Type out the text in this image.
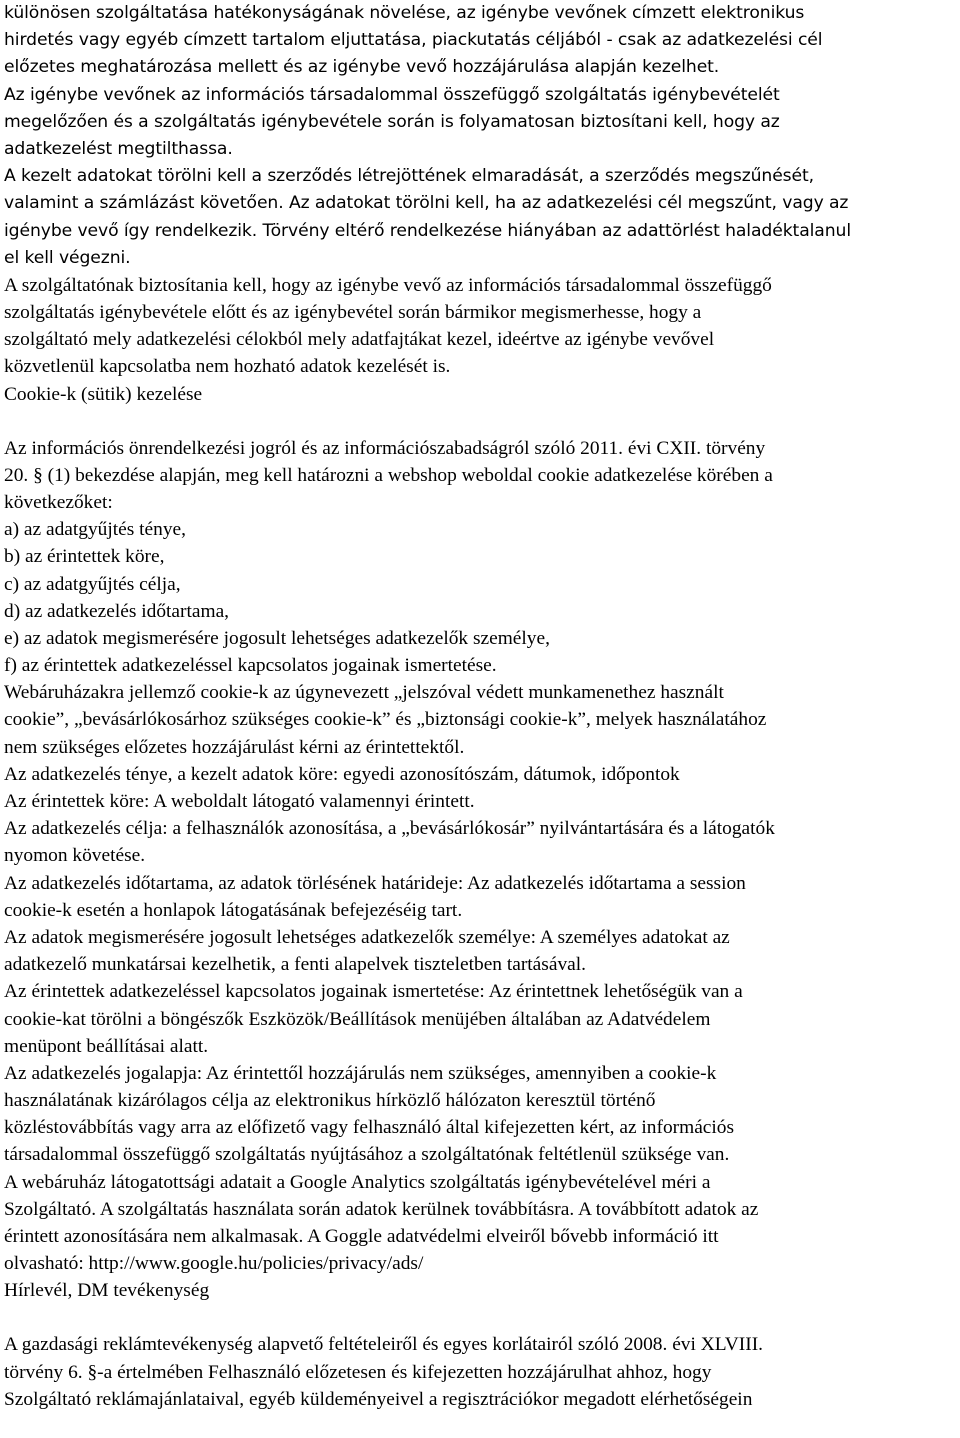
különösen szolgáltatása hatékonyságának növelése, az igénybe vevőnek címzett elektronikus
hirdetés vagy egyéb címzett tartalom eljuttatása, piackutatás céljából - csak az adatkezelési cél
előzetes meghatározása mellett és az igénybe vevő hozzájárulása alapján kezelhet.
Az igénybe vevőnek az információs társadalommal összefüggő szolgáltatás igénybevételét
megelőzően és a szolgáltatás igénybevétele során is folyamatosan biztosítani kell, hogy az
adatkezelést megtilthassa.
A kezelt adatokat törölni kell a szerződés létrejöttének elmaradását, a szerződés megszűnését,
valamint a számlázást követően. Az adatokat törölni kell, ha az adatkezelési cél megszűnt, vagy az
igénybe vevő így rendelkezik. Törvény eltérő rendelkezése hiányában az adattörlést haladéktalanul
el kell végezni.
A szolgáltatónak biztosítania kell, hogy az igénybe vevő az információs társadalommal összefüggő
szolgáltatás igénybevétele előtt és az igénybevétel során bármikor megismerhesse, hogy a
szolgáltató mely adatkezelési célokból mely adatfajtákat kezel, ideértve az igénybe vevővel
közvetlenül kapcsolatba nem hozható adatok kezelését is.
Cookie-k (sütik) kezelése
Az információs önrendelkezési jogról és az információszabadságról szóló 2011. évi CXII. törvény
20. § (1) bekezdése alapján, meg kell határozni a webshop weboldal cookie adatkezelése körében a
következőket:
a) az adatgyűjtés ténye,
b) az érintettek köre,
c) az adatgyűjtés célja,
d) az adatkezelés időtartama,
e) az adatok megismerésére jogosult lehetséges adatkezelők személye,
f) az érintettek adatkezeléssel kapcsolatos jogainak ismertetése.
Webáruházakra jellemző cookie-k az úgynevezett „jelszóval védett munkamenethez használt
cookie”, „bevásárlókosárhoz szükséges cookie-k” és „biztonsági cookie-k”, melyek használatához
nem szükséges előzetes hozzájárulást kérni az érintettektől.
Az adatkezelés ténye, a kezelt adatok köre: egyedi azonosítószám, dátumok, időpontok
Az érintettek köre: A weboldalt látogató valamennyi érintett.
Az adatkezelés célja: a felhasználók azonosítása, a „bevásárlókosár” nyilvántartására és a látogatók
nyomon követése.
Az adatkezelés időtartama, az adatok törlésének határideje: Az adatkezelés időtartama a session
cookie-k esetén a honlapok látogatásának befejezéséig tart.
Az adatok megismerésére jogosult lehetséges adatkezelők személye: A személyes adatokat az
adatkezelő munkatársai kezelhetik, a fenti alapelvek tiszteletben tartásával.
Az érintettek adatkezeléssel kapcsolatos jogainak ismertetése: Az érintettnek lehetőségük van a
cookie-kat törölni a böngészők Eszközök/Beállítások menüjében általában az Adatvédelem
menüpont beállításai alatt.
Az adatkezelés jogalapja: Az érintettől hozzájárulás nem szükséges, amennyiben a cookie-k
használatának kizárólagos célja az elektronikus hírközlő hálózaton keresztül történő
közléstovábbítás vagy arra az előfizető vagy felhasználó által kifejezetten kért, az információs
társadalommal összefüggő szolgáltatás nyújtásához a szolgáltatónak feltétlenül szüksége van.
A webáruház látogatottsági adatait a Google Analytics szolgáltatás igénybevételével méri a
Szolgáltató. A szolgáltatás használata során adatok kerülnek továbbításra. A továbbított adatok az
érintett azonosítására nem alkalmasak. A Goggle adatvédelmi elveiről bővebb információ itt
olvasható: http://www.google.hu/policies/privacy/ads/
Hírlevél, DM tevékenység
A gazdasági reklámtevékenység alapvető feltételeiről és egyes korlátairól szóló 2008. évi XLVIII.
törvény 6. §-a értelmében Felhasználó előzetesen és kifejezetten hozzájárulhat ahhoz, hogy
Szolgáltató reklámajánlataival, egyéb küldeményeivel a regisztrációkor megadott elérhetőségein
